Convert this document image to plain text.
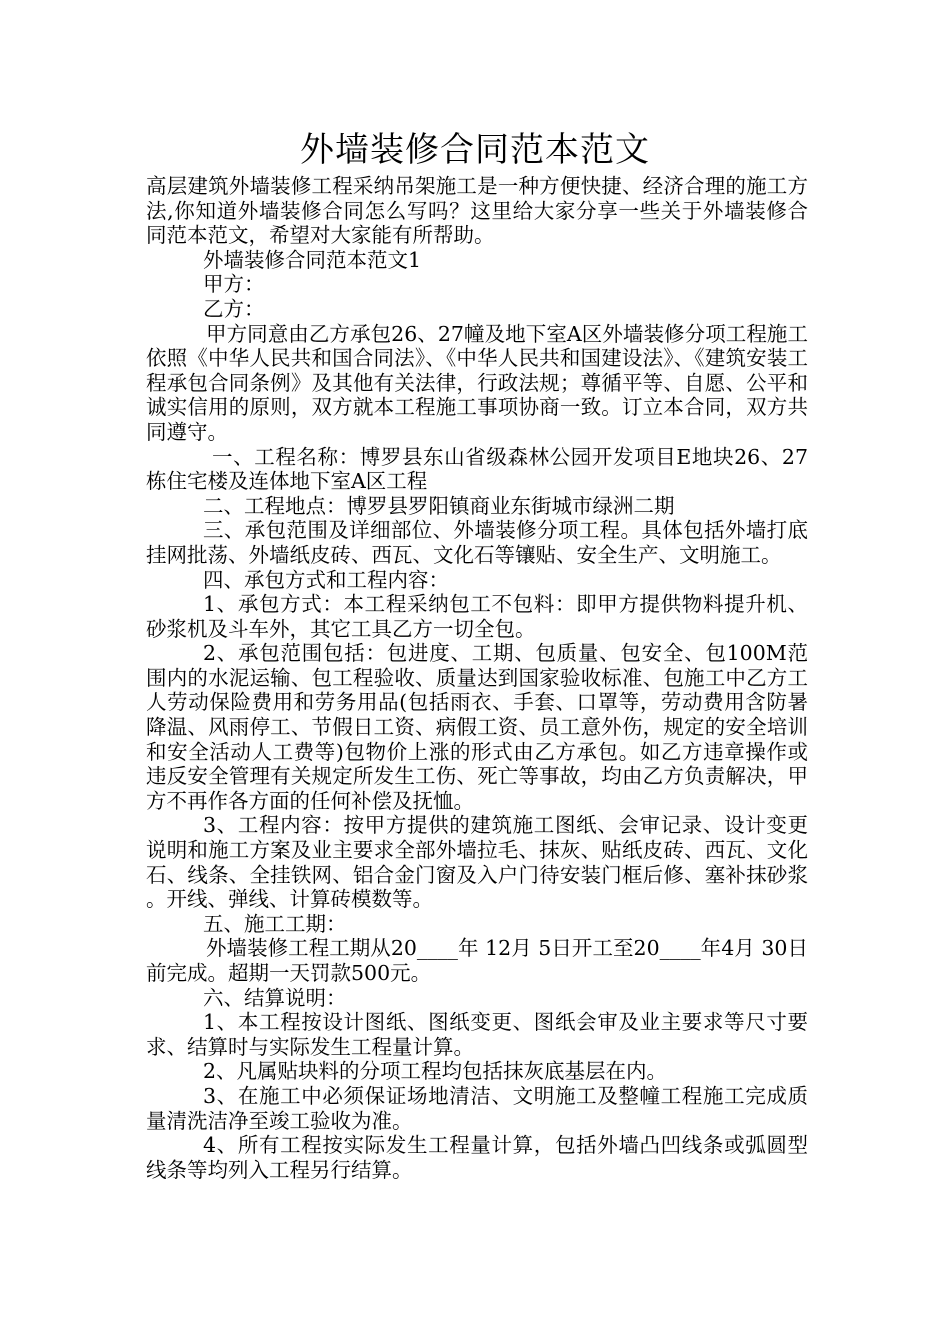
外墙装修合同范本范文

高层建筑外墙装修工程采纳吊架施工是一种方便快捷、经济合理的施工方法,你知道外墙装修合同怎么写吗？这里给大家分享一些关于外墙装修合同范本范文，希望对大家能有所帮助。

外墙装修合同范本范文1

甲方：

乙方：

甲方同意由乙方承包26、27幢及地下室A区外墙装修分项工程施工依照《中华人民共和国合同法》、《中华人民共和国建设法》、《建筑安装工程承包合同条例》及其他有关法律，行政法规；尊循平等、自愿、公平和诚实信用的原则，双方就本工程施工事项协商一致。订立本合同，双方共同遵守。

一、工程名称：博罗县东山省级森林公园开发项目E地块26、27栋住宅楼及连体地下室A区工程

二、工程地点：博罗县罗阳镇商业东街城市绿洲二期

三、承包范围及详细部位、外墙装修分项工程。具体包括外墙打底挂网批荡、外墙纸皮砖、西瓦、文化石等镶贴、安全生产、文明施工。

四、承包方式和工程内容：

1、承包方式：本工程采纳包工不包料：即甲方提供物料提升机、砂浆机及斗车外，其它工具乙方一切全包。

2、承包范围包括：包进度、工期、包质量、包安全、包100M范围内的水泥运输、包工程验收、质量达到国家验收标准、包施工中乙方工人劳动保险费用和劳务用品(包括雨衣、手套、口罩等，劳动费用含防暑降温、风雨停工、节假日工资、病假工资、员工意外伤，规定的安全培训和安全活动人工费等)包物价上涨的形式由乙方承包。如乙方违章操作或违反安全管理有关规定所发生工伤、死亡等事故，均由乙方负责解决，甲方不再作各方面的任何补偿及抚恤。

3、工程内容：按甲方提供的建筑施工图纸、会审记录、设计变更说明和施工方案及业主要求全部外墙拉毛、抹灰、贴纸皮砖、西瓦、文化石、线条、全挂铁网、铝合金门窗及入户门待安装门框后修、塞补抹砂浆。开线、弹线、计算砖模数等。

五、施工工期：

外墙装修工程工期从20____年 12月 5日开工至20____年4月 30日前完成。超期一天罚款500元。

六、结算说明：

1、本工程按设计图纸、图纸变更、图纸会审及业主要求等尺寸要求、结算时与实际发生工程量计算。

2、凡属贴块料的分项工程均包括抹灰底基层在内。

3、在施工中必须保证场地清洁、文明施工及整幢工程施工完成质量清洗洁净至竣工验收为准。

4、所有工程按实际发生工程量计算，包括外墙凸凹线条或弧圆型线条等均列入工程另行结算。
